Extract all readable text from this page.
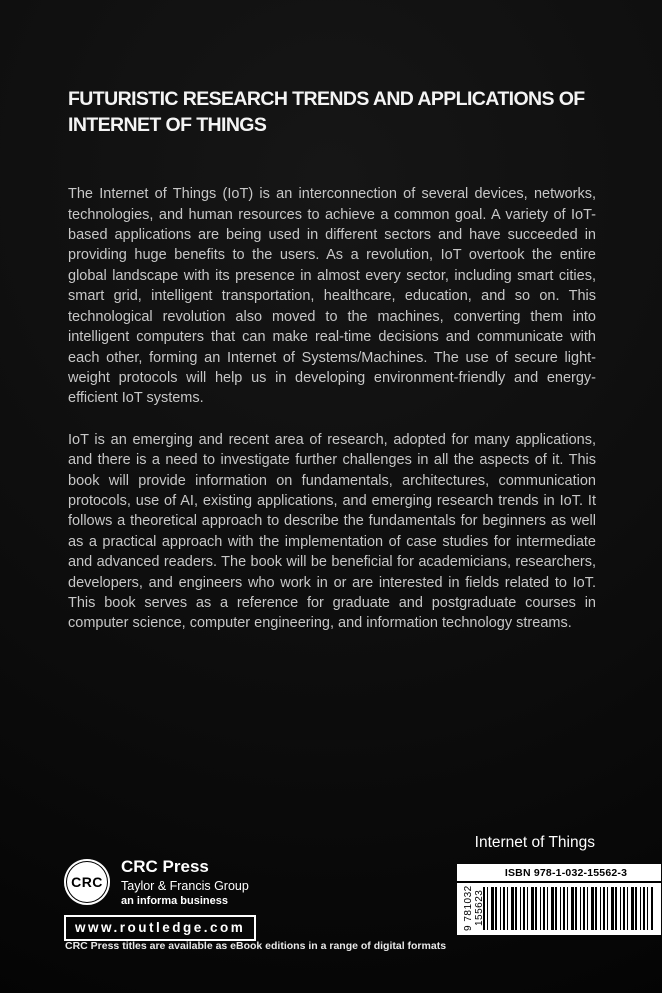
FUTURISTIC RESEARCH TRENDS AND APPLICATIONS OF
INTERNET OF THINGS

The Internet of Things (IoT) is an interconnection of several devices, networks, technologies, and human resources to achieve a common goal. A variety of IoT-based applications are being used in different sectors and have succeeded in providing huge benefits to the users. As a revolution, IoT overtook the entire global landscape with its presence in almost every sector, including smart cities, smart grid, intelligent transportation, healthcare, education, and so on. This technological revolution also moved to the machines, converting them into intelligent computers that can make real-time decisions and communicate with each other, forming an Internet of Systems/Machines. The use of secure light-weight protocols will help us in developing environment-friendly and energy-efficient IoT systems.

IoT is an emerging and recent area of research, adopted for many applications, and there is a need to investigate further challenges in all the aspects of it. This book will provide information on fundamentals, architectures, communication protocols, use of AI, existing applications, and emerging research trends in IoT. It follows a theoretical approach to describe the fundamentals for beginners as well as a practical approach with the implementation of case studies for intermediate and advanced readers. The book will be beneficial for academicians, researchers, developers, and engineers who work in or are interested in fields related to IoT. This book serves as a reference for graduate and postgraduate courses in computer science, computer engineering, and information technology streams.

Internet of Things
CRC
CRC Press
Taylor & Francis Group
an informa business
www.routledge.com
ISBN 978-1-032-15562-3
9 781032 155623
CRC Press titles are available as eBook editions in a range of digital formats
